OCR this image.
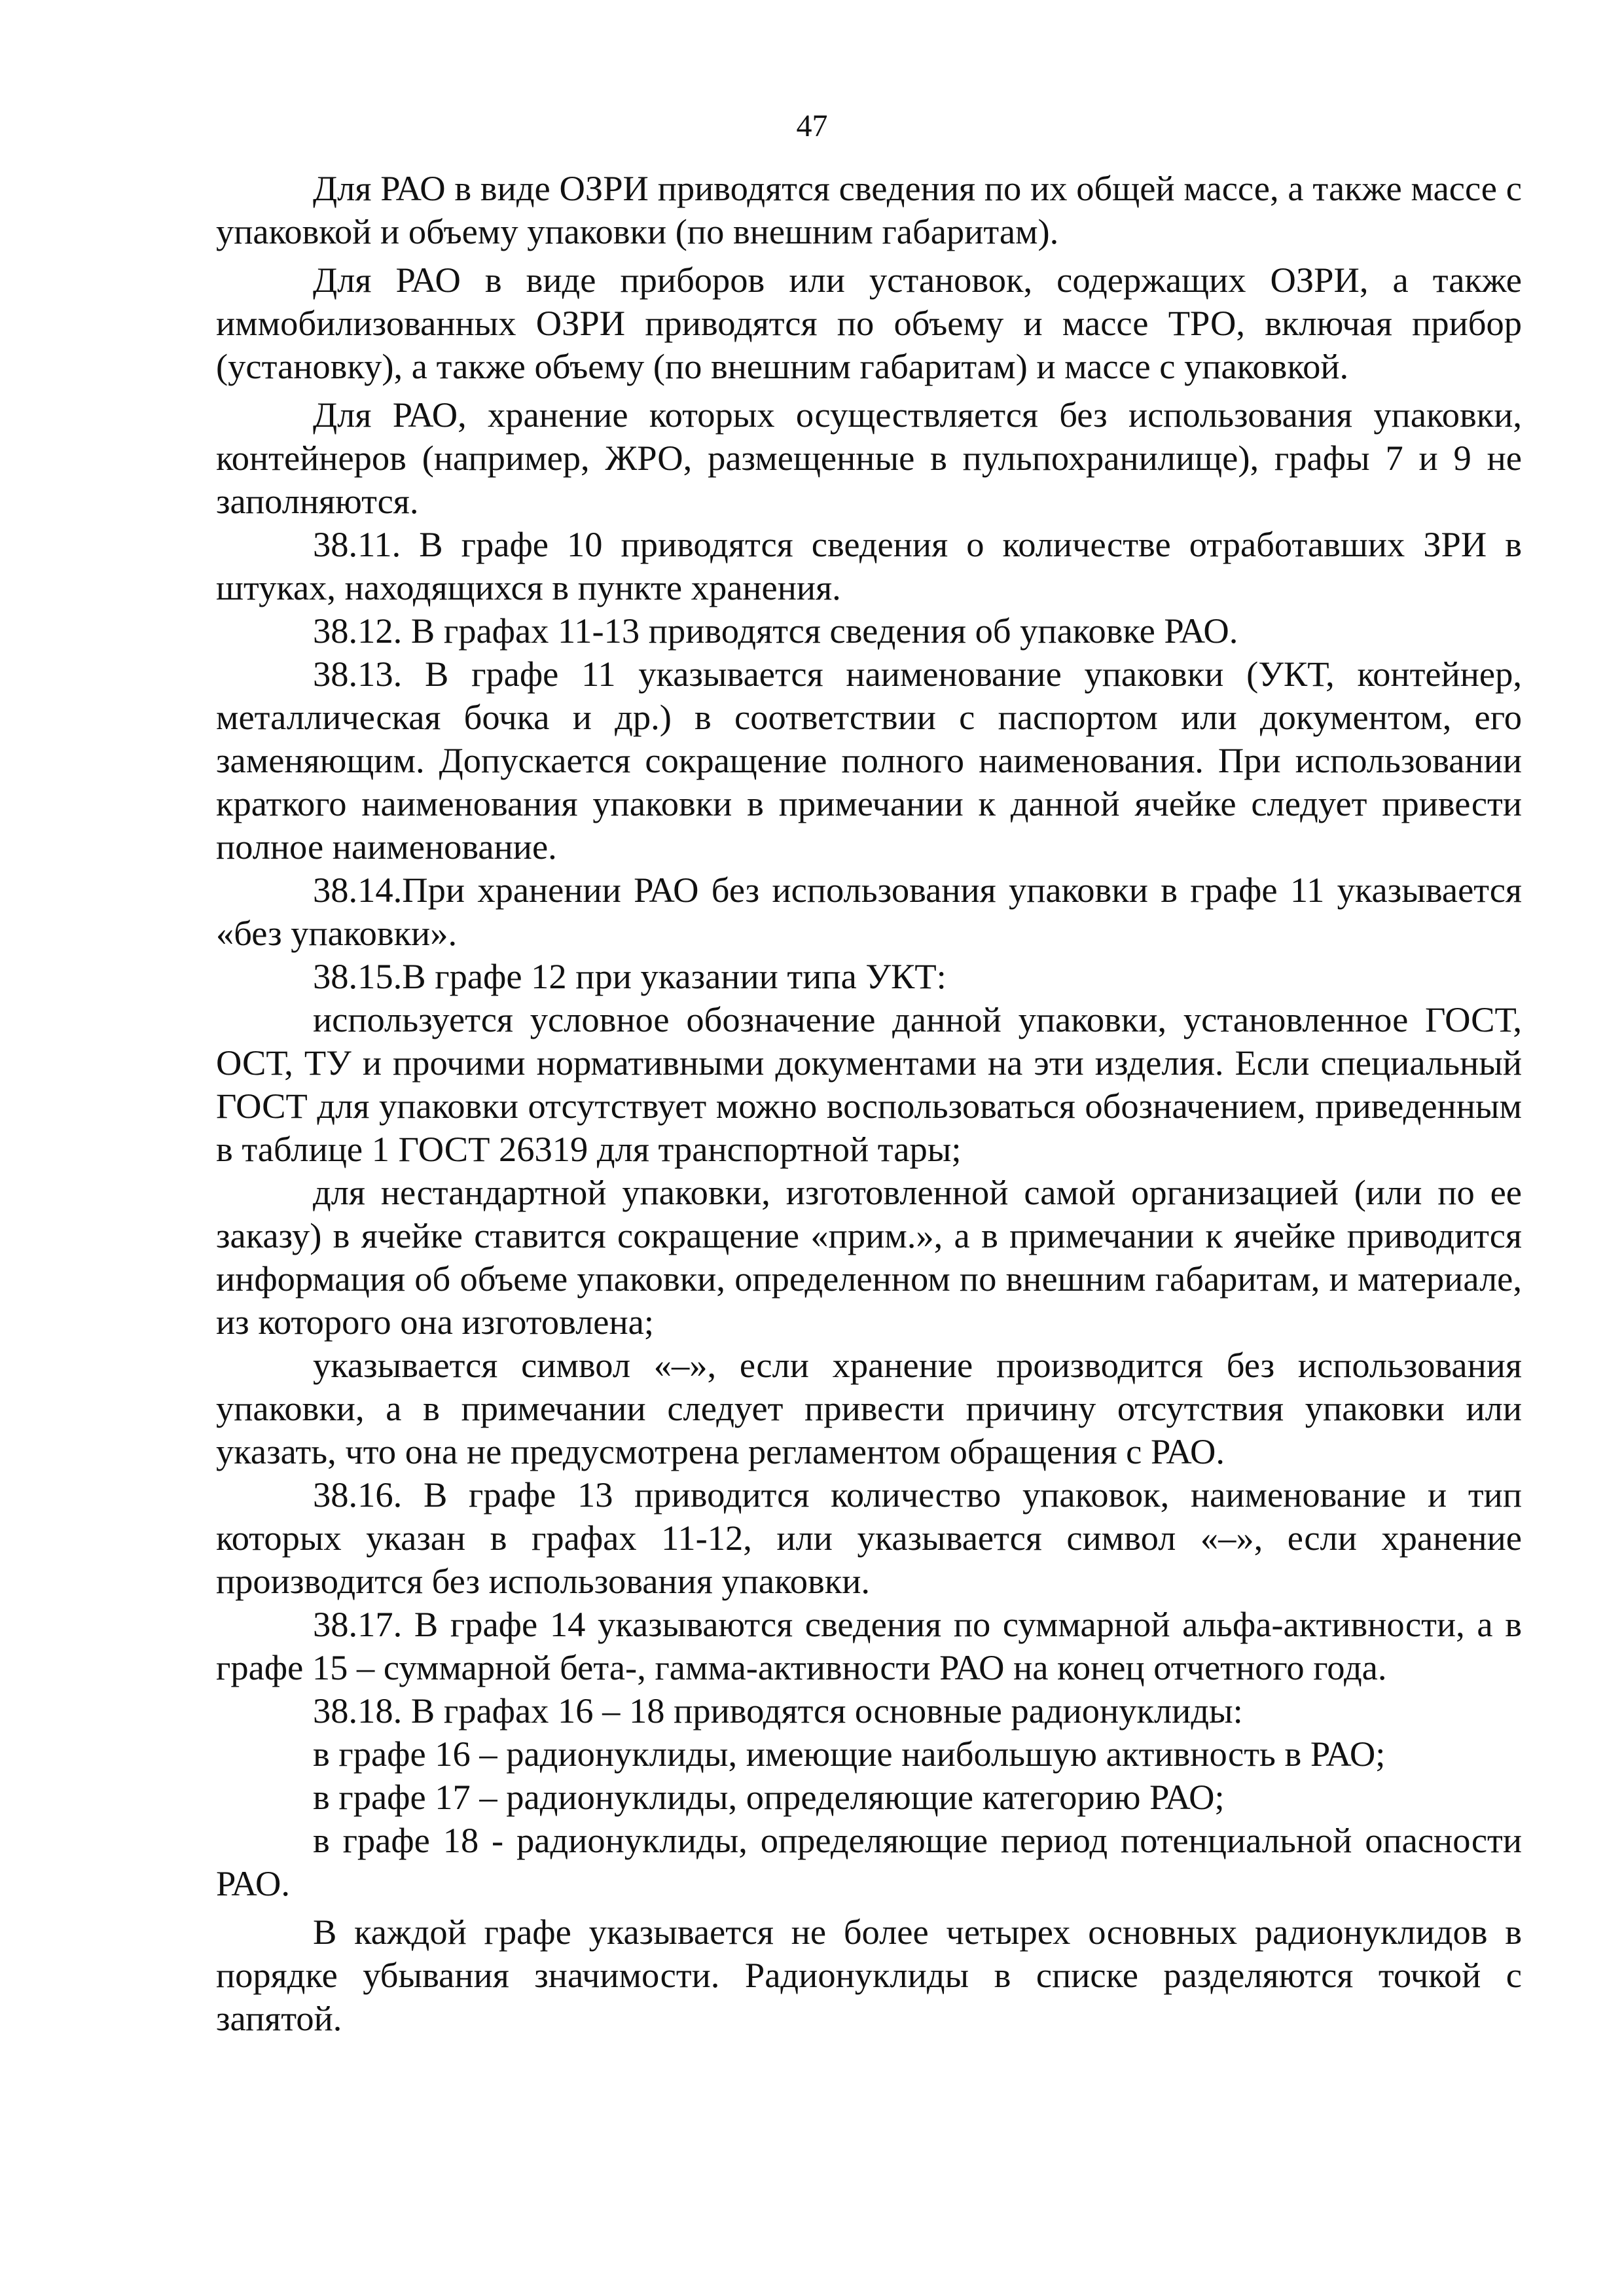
47

Для РАО в виде ОЗРИ приводятся сведения по их общей массе, а также массе с упаковкой и объему упаковки (по внешним габаритам).

Для РАО в виде приборов или установок, содержащих ОЗРИ, а также иммобилизованных ОЗРИ приводятся по объему и массе ТРО, включая прибор (установку), а также объему (по внешним габаритам) и массе с упаковкой.

Для РАО, хранение которых осуществляется без использования упаковки, контейнеров (например, ЖРО, размещенные в пульпохранилище), графы 7 и 9 не заполняются.

38.11. В графе 10 приводятся сведения о количестве отработавших ЗРИ в штуках, находящихся в пункте хранения.

38.12. В графах 11-13 приводятся сведения об упаковке РАО.

38.13. В графе 11 указывается наименование упаковки (УКТ, контейнер, металлическая бочка и др.) в соответствии с паспортом или документом, его заменяющим. Допускается сокращение полного наименования. При использовании краткого наименования упаковки в примечании к данной ячейке следует привести полное наименование.

38.14.При хранении РАО без использования упаковки в графе 11 указывается «без упаковки».

38.15.В графе 12 при указании типа УКТ:

используется условное обозначение данной упаковки, установленное ГОСТ, ОСТ, ТУ и прочими нормативными документами на эти изделия. Если специальный ГОСТ для упаковки отсутствует можно воспользоваться обозначением, приведенным в таблице 1 ГОСТ 26319 для транспортной тары;

для нестандартной упаковки, изготовленной самой организацией (или по ее заказу) в ячейке ставится сокращение «прим.», а в примечании к ячейке приводится информация об объеме упаковки, определенном по внешним габаритам, и материале, из которого она изготовлена;

указывается символ «–», если хранение производится без использования упаковки, а в примечании следует привести причину отсутствия упаковки или указать, что она не предусмотрена регламентом обращения с РАО.

38.16. В графе 13 приводится количество упаковок, наименование и тип которых указан в графах 11-12, или указывается символ «–», если хранение производится без использования упаковки.

38.17. В графе 14 указываются сведения по суммарной альфа-активности, а в графе 15 – суммарной бета-, гамма-активности РАО на конец отчетного года.

38.18. В графах 16 – 18 приводятся основные радионуклиды:

в графе 16 – радионуклиды, имеющие наибольшую активность в РАО;

в графе 17 – радионуклиды, определяющие категорию РАО;

в графе 18 - радионуклиды, определяющие период потенциальной опасности РАО.

В каждой графе указывается не более четырех основных радионуклидов в порядке убывания значимости. Радионуклиды в списке разделяются точкой с запятой.
